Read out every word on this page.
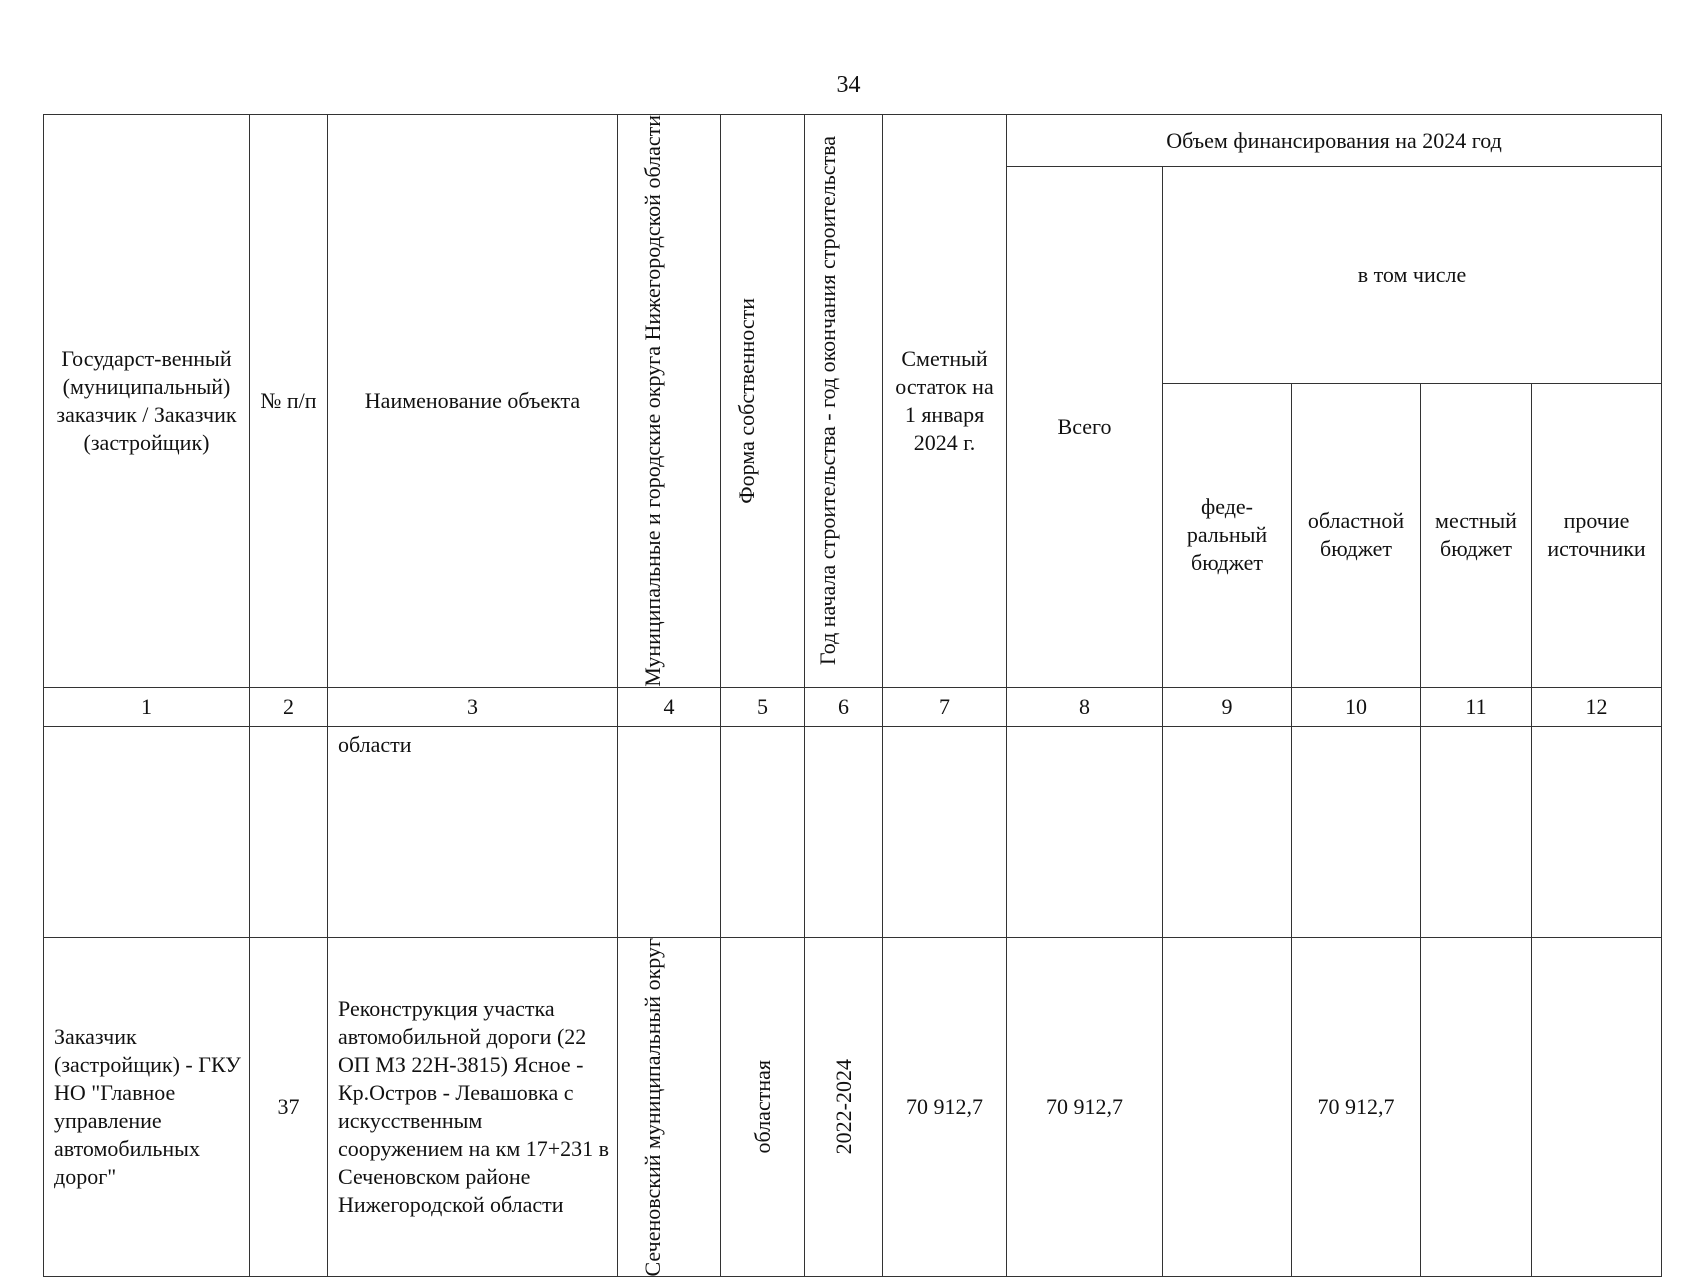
34
Государст-венный (муниципальный) заказчик / Заказчик (застройщик)	№ п/п	Наименование объекта	Муниципальные и городские округа Нижегородской области	Форма собственности	Год начала строительства - год окончания строительства	Сметный остаток на 1 января 2024 г.	Объем финансирования на 2024 год				
							Всего	в том числе			
								феде-ральный бюджет	областной бюджет	местный бюджет	прочие источники
1	2	3	4	5	6	7	8	9	10	11	12
		области									
Заказчик (застройщик) - ГКУ НО "Главное управление автомобильных дорог"	37	Реконструкция участка автомобильной дороги (22 ОП МЗ 22Н-3815) Ясное - Кр.Остров - Левашовка с искусственным сооружением на км 17+231 в Сеченовском районе Нижегородской области	Сеченовский муниципальный округ	областная	2022-2024	70 912,7	70 912,7		70 912,7		
